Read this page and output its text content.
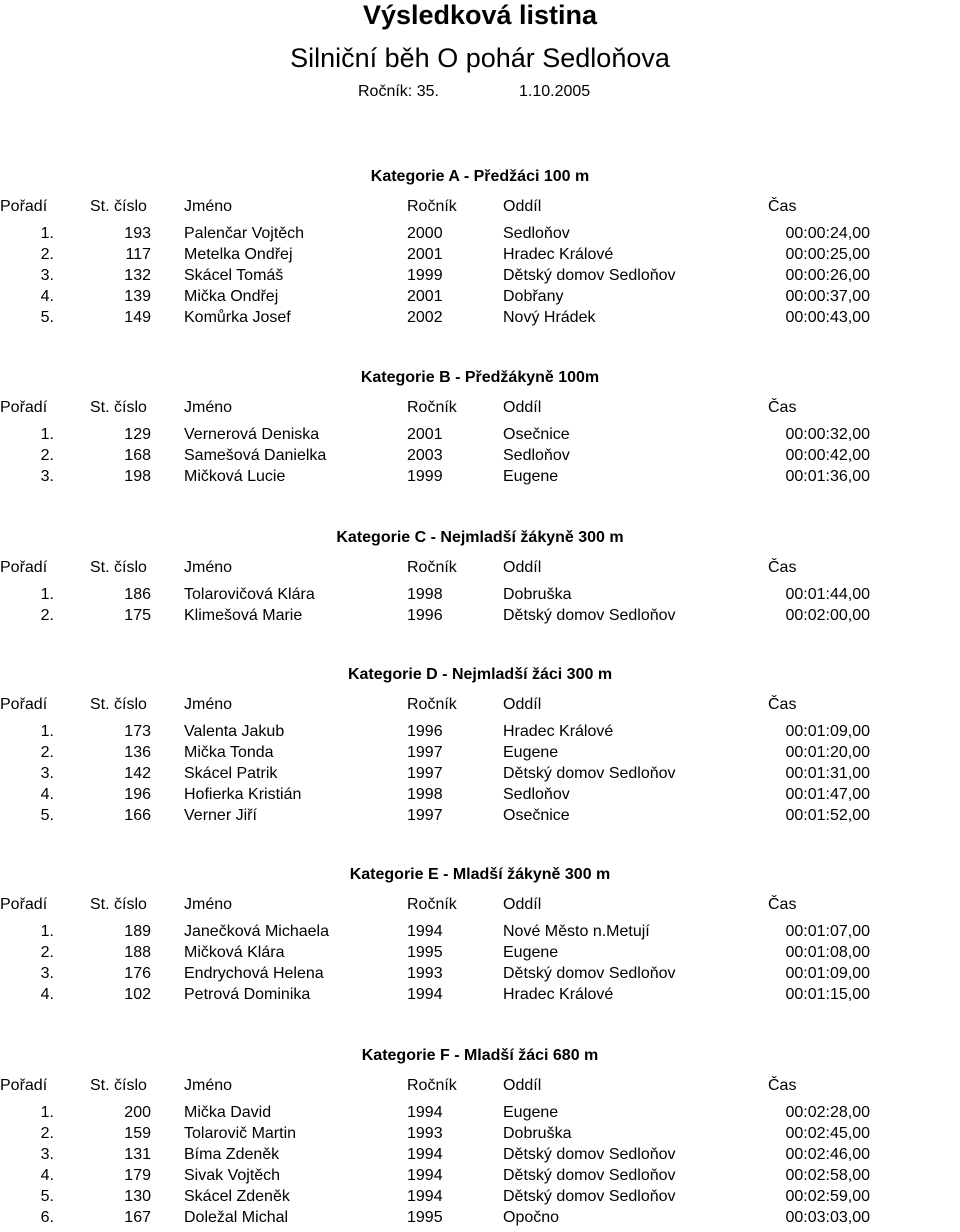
Výsledková listina
Silniční běh O pohár Sedloňova
Ročník: 35.	1.10.2005
Kategorie A - Předžáci 100 m
Pořadí	St. číslo Jméno	Ročník	Oddíl	Čas
1.	193 Palenčar Vojtěch	2000	Sedloňov	00:00:24,00
2.	117 Metelka Ondřej	2001	Hradec Králové	00:00:25,00
3.	132 Skácel Tomáš	1999	Dětský domov Sedloňov	00:00:26,00
4.	139 Mička Ondřej	2001	Dobřany	00:00:37,00
5.	149 Komůrka Josef	2002	Nový Hrádek	00:00:43,00
Kategorie B - Předžákyně 100m
Pořadí	St. číslo Jméno	Ročník	Oddíl	Čas
1.	129 Vernerová Deniska	2001	Osečnice	00:00:32,00
2.	168 Samešová Danielka	2003	Sedloňov	00:00:42,00
3.	198 Mičková Lucie	1999	Eugene	00:01:36,00
Kategorie C - Nejmladší žákyně 300 m
Pořadí	St. číslo Jméno	Ročník	Oddíl	Čas
1.	186 Tolarovičová Klára	1998	Dobruška	00:01:44,00
2.	175 Klimešová Marie	1996	Dětský domov Sedloňov	00:02:00,00
Kategorie D - Nejmladší žáci 300 m
Pořadí	St. číslo Jméno	Ročník	Oddíl	Čas
1.	173 Valenta Jakub	1996	Hradec Králové	00:01:09,00
2.	136 Mička Tonda	1997	Eugene	00:01:20,00
3.	142 Skácel Patrik	1997	Dětský domov Sedloňov	00:01:31,00
4.	196 Hofierka Kristián	1998	Sedloňov	00:01:47,00
5.	166 Verner Jiří	1997	Osečnice	00:01:52,00
Kategorie E - Mladší žákyně 300 m
Pořadí	St. číslo Jméno	Ročník	Oddíl	Čas
1.	189 Janečková Michaela	1994	Nové Město n.Metují	00:01:07,00
2.	188 Mičková Klára	1995	Eugene	00:01:08,00
3.	176 Endrychová Helena	1993	Dětský domov Sedloňov	00:01:09,00
4.	102 Petrová Dominika	1994	Hradec Králové	00:01:15,00
Kategorie F - Mladší žáci 680 m
Pořadí	St. číslo Jméno	Ročník	Oddíl	Čas
1.	200 Mička David	1994	Eugene	00:02:28,00
2.	159 Tolarovič Martin	1993	Dobruška	00:02:45,00
3.	131 Bíma Zdeněk	1994	Dětský domov Sedloňov	00:02:46,00
4.	179 Sivak Vojtěch	1994	Dětský domov Sedloňov	00:02:58,00
5.	130 Skácel Zdeněk	1994	Dětský domov Sedloňov	00:02:59,00
6.	167 Doležal Michal	1995	Opočno	00:03:03,00
